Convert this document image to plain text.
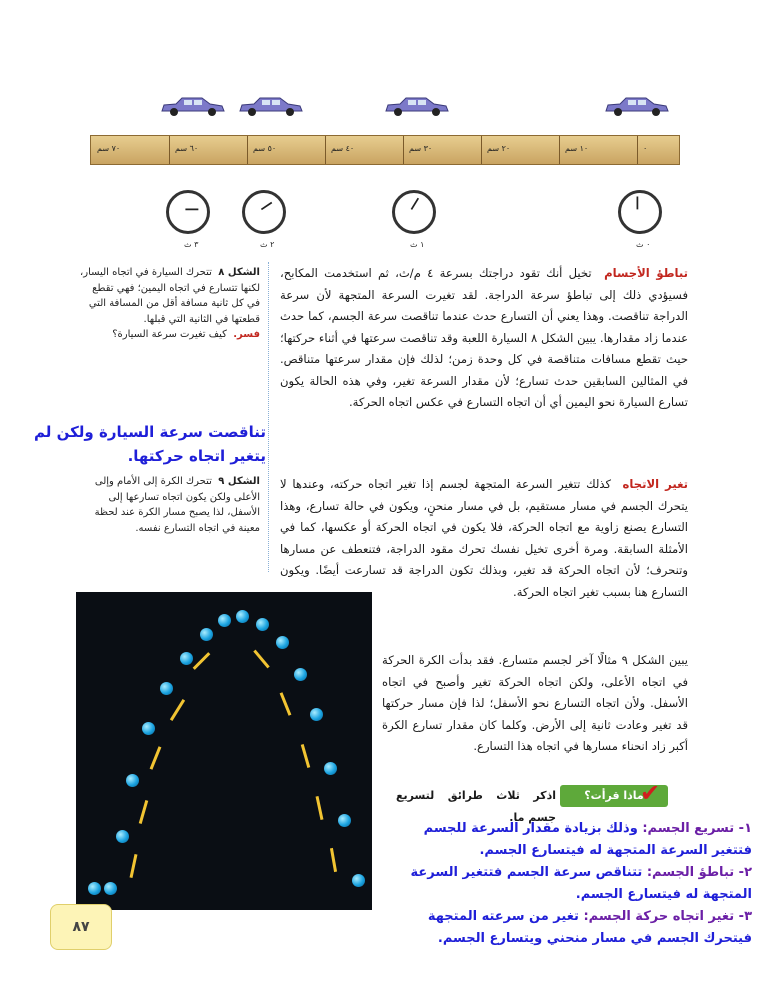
٠
١٠ سم
٢٠ سم
٣٠ سم
٤٠ سم
٥٠ سم
٦٠ سم
٧٠ سم
٠ ث
١ ث
٢ ث
٣ ث
تباطؤ الأجسام  تخيل أنك تقود دراجتك بسرعة ٤ م/ث، ثم استخدمت المكابح، فسيؤدي ذلك إلى تباطؤ سرعة الدراجة. لقد تغيرت السرعة المتجهة لأن سرعة الدراجة تناقصت. وهذا يعني أن التسارع حدث عندما تناقصت سرعة الجسم، كما حدث عندما زاد مقدارها. يبين الشكل ٨ السيارة اللعبة وقد تناقصت سرعتها في أثناء حركتها؛ حيث تقطع مسافات متناقصة في كل وحدة زمن؛ لذلك فإن مقدار سرعتها متناقص. في المثالين السابقين حدث تسارع؛ لأن مقدار السرعة تغير، وفي هذه الحالة يكون تسارع السيارة نحو اليمين أي أن اتجاه التسارع في عكس اتجاه الحركة.
تغير الاتجاه  كذلك تتغير السرعة المتجهة لجسم إذا تغير اتجاه حركته، وعندها لا يتحرك الجسم في مسار مستقيم، بل في مسار منحنٍ، ويكون في حالة تسارع، وهذا التسارع يصنع زاوية مع اتجاه الحركة، فلا يكون في اتجاه الحركة أو عكسها، كما في الأمثلة السابقة. ومرة أخرى تخيل نفسك تحرك مقود الدراجة، فتنعطف عن مسارها وتنحرف؛ لأن اتجاه الحركة قد تغير، وبذلك تكون الدراجة قد تسارعت أيضًا. ويكون التسارع هنا بسبب تغير اتجاه الحركة.
يبين الشكل ٩ مثالًا آخر لجسم متسارع. فقد بدأت الكرة الحركة في اتجاه الأعلى، ولكن اتجاه الحركة تغير وأصبح في اتجاه الأسفل. ولأن اتجاه التسارع نحو الأسفل؛ لذا فإن مسار حركتها قد تغير وعادت ثانية إلى الأرض. وكلما كان مقدار تسارع الكرة أكبر زاد انحناء مسارها في اتجاه هذا التسارع.
الشكل ٨  تتحرك السيارة في اتجاه اليسار، لكنها تتسارع في اتجاه اليمين؛ فهي تقطع في كل ثانية مسافة أقل من المسافة التي قطعتها في الثانية التي قبلها.
فسر.  كيف تغيرت سرعة السيارة؟
تناقصت سرعة السيارة ولكن لم يتغير اتجاه حركتها.
الشكل ٩  تتحرك الكرة إلى الأمام وإلى الأعلى ولكن يكون اتجاه تسارعها إلى الأسفل، لذا يصبح مسار الكرة عند لحظة معينة في اتجاه التسارع نفسه.
ماذا قرأت؟
✔
اذكر ثلاث طرائق لتسريع جسم ما.
١- تسريع الجسم: وذلك بزيادة مقدار السرعة للجسم فتتغير السرعة المتجهة له فيتسارع الجسم.
٢- تباطؤ الجسم: تتناقص سرعة الجسم فتتغير السرعة المتجهة له فيتسارع الجسم.
٣- تغير اتجاه حركة الجسم: تغير من سرعته المتجهة فيتحرك الجسم في مسار منحني ويتسارع الجسم.
٨٧
